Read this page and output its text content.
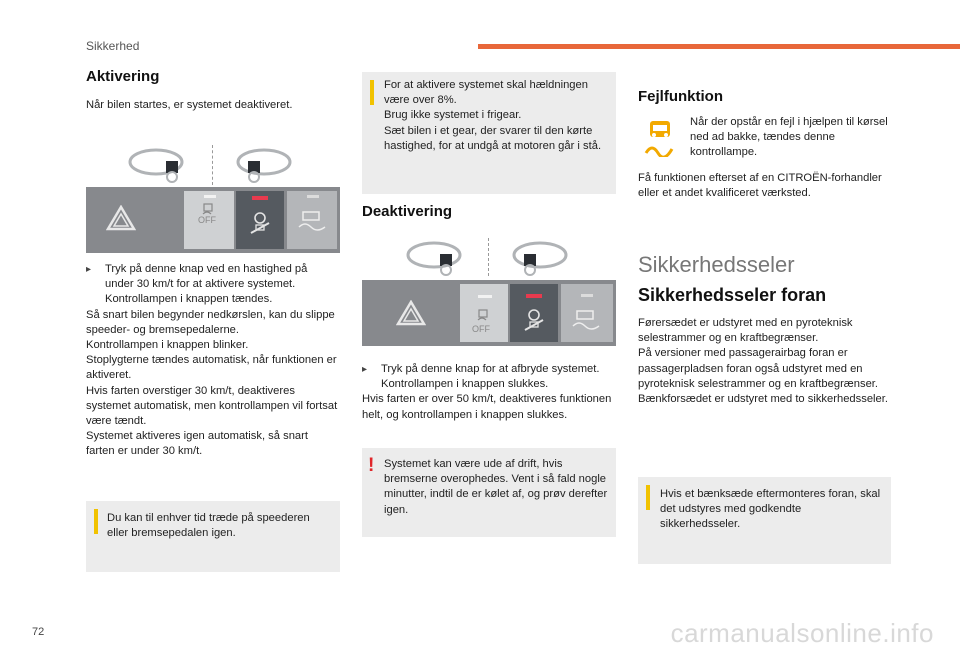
Sikkerhed
Aktivering
Når bilen startes, er systemet deaktiveret.
OFF
▸ Tryk på denne knap ved en hastighed på under 30 km/t for at aktivere systemet. Kontrollampen i knappen tændes.

Så snart bilen begynder nedkørslen, kan du slippe speeder- og bremsepedalerne.

Kontrollampen i knappen blinker.

Stoplygterne tændes automatisk, når funktionen er aktiveret.

Hvis farten overstiger 30 km/t, deaktiveres systemet automatisk, men kontrollampen vil fortsat være tændt.

Systemet aktiveres igen automatisk, så snart farten er under 30 km/t.

Du kan til enhver tid træde på speederen eller bremsepedalen igen.

For at aktivere systemet skal hældningen være over 8%.

Brug ikke systemet i frigear.

Sæt bilen i et gear, der svarer til den kørte hastighed, for at undgå at motoren går i stå.

Deaktivering
OFF
▸ Tryk på denne knap for at afbryde systemet. Kontrollampen i knappen slukkes.

Hvis farten er over 50 km/t, deaktiveres funktionen helt, og kontrollampen i knappen slukkes.

! Systemet kan være ude af drift, hvis bremserne overophedes. Vent i så fald nogle minutter, indtil de er kølet af, og prøv derefter igen.
Fejlfunktion
Når der opstår en fejl i hjælpen til kørsel ned ad bakke, tændes denne kontrollampe.
Få funktionen efterset af en CITROËN-forhandler eller et andet kvalificeret værksted.
Sikkerhedsseler
Sikkerhedsseler foran

Førersædet er udstyret med en pyroteknisk selestrammer og en kraftbegrænser.

På versioner med passagerairbag foran er passagerpladsen foran også udstyret med en pyroteknisk selestrammer og en kraftbegrænser.

Bænkforsædet er udstyret med to sikkerhedsseler.

Hvis et bænksæde eftermonteres foran, skal det udstyres med godkendte sikkerhedsseler.
72	carmanualsonline.info
